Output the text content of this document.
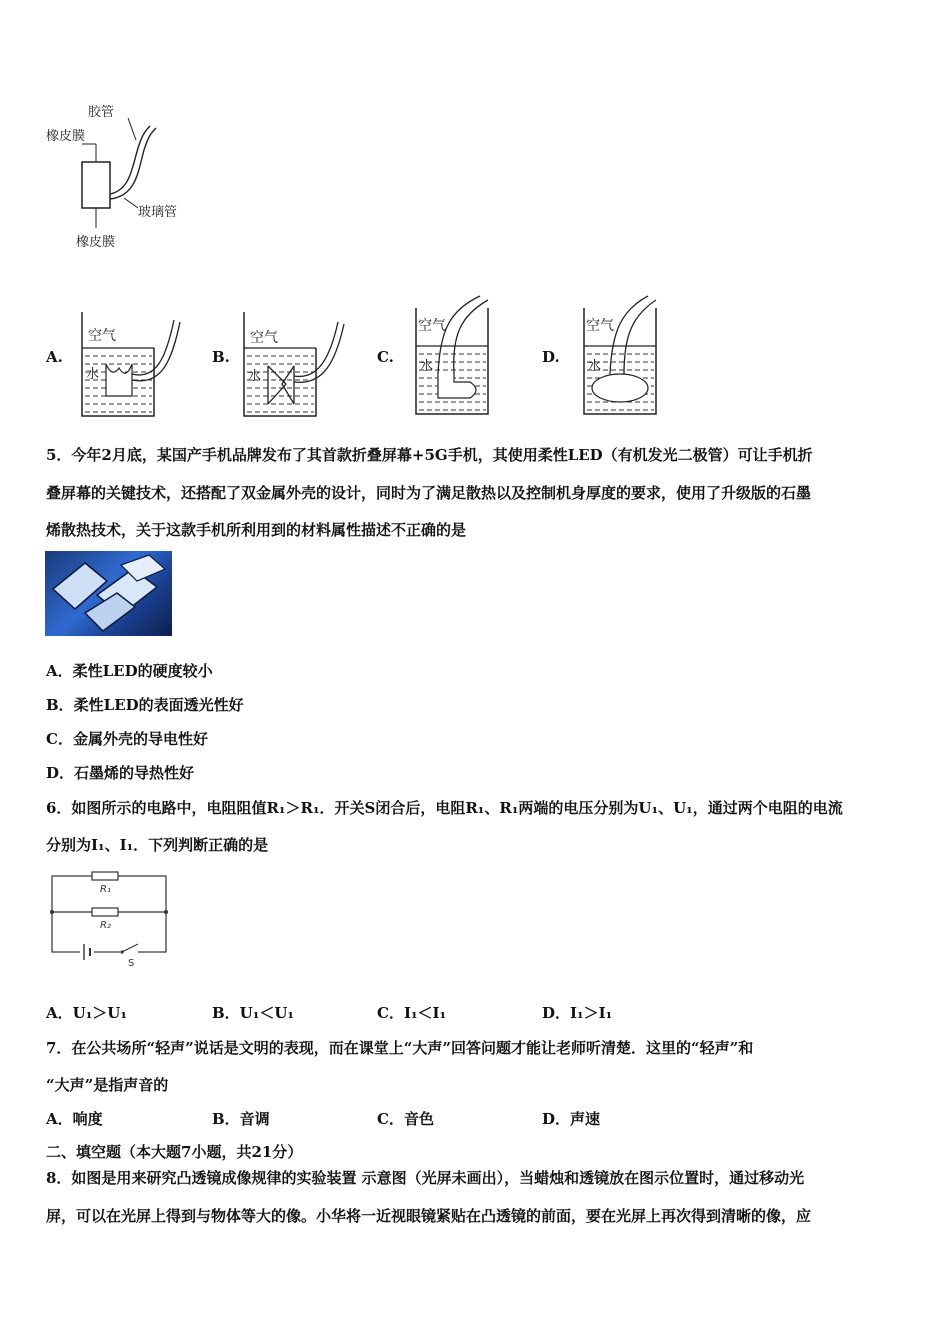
胶管
橡皮膜
玻璃管
橡皮膜
A.
空气
水
B.
空气
水
C.
空气
水
D.
空气
水
5．今年2月底，某国产手机品牌发布了其首款折叠屏幕+5G手机，其使用柔性LED（有机发光二极管）可让手机折
叠屏幕的关键技术，还搭配了双金属外壳的设计，同时为了满足散热以及控制机身厚度的要求，使用了升级版的石墨
烯散热技术，关于这款手机所利用到的材料属性描述不正确的是
A．柔性LED的硬度较小
B．柔性LED的表面透光性好
C．金属外壳的导电性好
D．石墨烯的导热性好
6．如图所示的电路中，电阻阻值R₁＞R₁．开关S闭合后，电阻R₁、R₁两端的电压分别为U₁、U₁，通过两个电阻的电流
分别为I₁、I₁．下列判断正确的是
R₁
R₂
S
A．U₁＞U₁	B．U₁＜U₁	C．I₁＜I₁	D．I₁＞I₁
7．在公共场所“轻声”说话是文明的表现，而在课堂上“大声”回答问题才能让老师听清楚．这里的“轻声”和
“大声”是指声音的
A．响度	B．音调	C．音色	D．声速
二、填空题（本大题7小题，共21分）
8．如图是用来研究凸透镜成像规律的实验装置 示意图（光屏未画出），当蜡烛和透镜放在图示位置时，通过移动光
屏，可以在光屏上得到与物体等大的像。小华将一近视眼镜紧贴在凸透镜的前面，要在光屏上再次得到清晰的像，应
